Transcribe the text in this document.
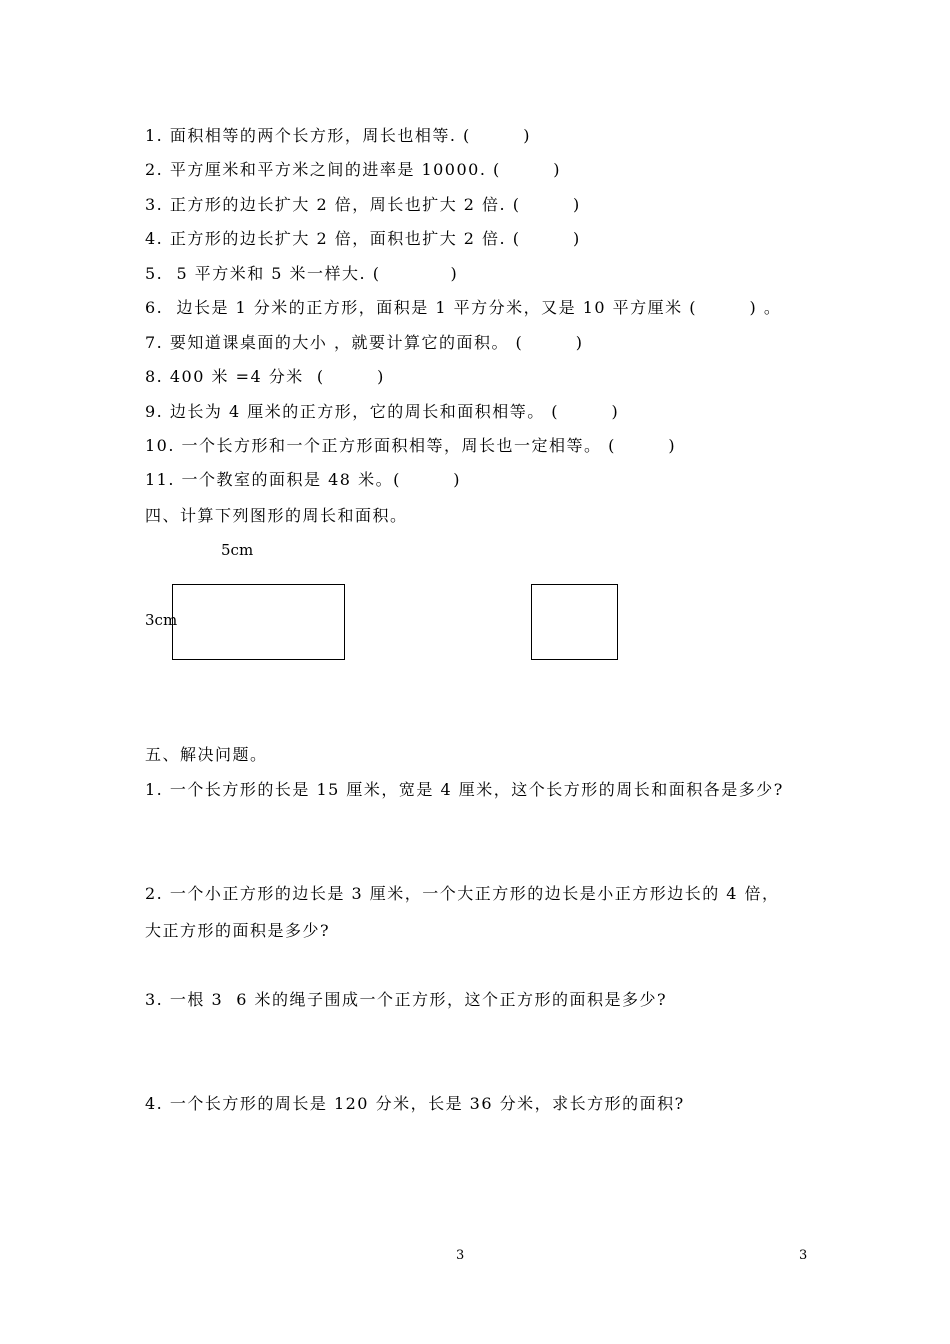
1. 面积相等的两个长方形，周长也相等. (　　　)
2. 平方厘米和平方米之间的进率是 10000. (　　　)
3. 正方形的边长扩大 2 倍，周长也扩大 2 倍. (　　　)
4. 正方形的边长扩大 2 倍，面积也扩大 2 倍. (　　　)
5.  5 平方米和 5 米一样大. (　　　　)
6.  边长是 1 分米的正方形，面积是 1 平方分米，又是 10 平方厘米 (　　　) 。
7. 要知道课桌面的大小 ，就要计算它的面积。 (　　　)
8. 400 米 =4 分米  (　　　)
9. 边长为 4 厘米的正方形，它的周长和面积相等。 (　　　)
10. 一个长方形和一个正方形面积相等，周长也一定相等。 (　　　)
11. 一个教室的面积是 48 米。(　　　)
四、计算下列图形的周长和面积。
5cm
3cm
五、解决问题。
1. 一个长方形的长是 15 厘米，宽是 4 厘米，这个长方形的周长和面积各是多少?
2. 一个小正方形的边长是 3 厘米，一个大正方形的边长是小正方形边长的 4 倍，
大正方形的面积是多少?
3. 一根 3  6 米的绳子围成一个正方形，这个正方形的面积是多少?
4. 一个长方形的周长是 120 分米，长是 36 分米，求长方形的面积?
3	3
